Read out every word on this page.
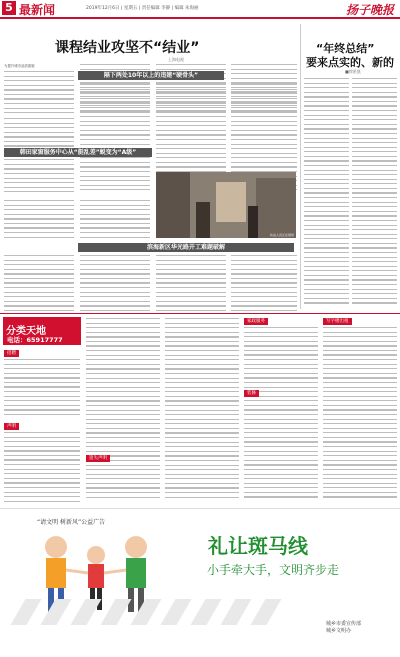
5 最新闻	2019年12月6日 | 星期五 | 责任编辑 李静 | 编辑 朱海丽	扬子晚报
课程结业攻坚不“结业”
上海电视
为提升城市品质面貌
隔下两处10年以上的违建“硬骨头”
韩田家窗服务中心从“挺乱差”蜕变为“A级”
执法人员正在现场
滨海新区华光路开工难题破解
“年终总结”
要来点实的、新的
■徐景凯
分类天地
电话：65917777
招聘
声明
遗失声明
家政服务
装修
写字楼出租
“请文明 树新风”公益广告
礼让斑马线
小手牵大手，文明齐步走
城乡市委宣传部 城乡文明办
